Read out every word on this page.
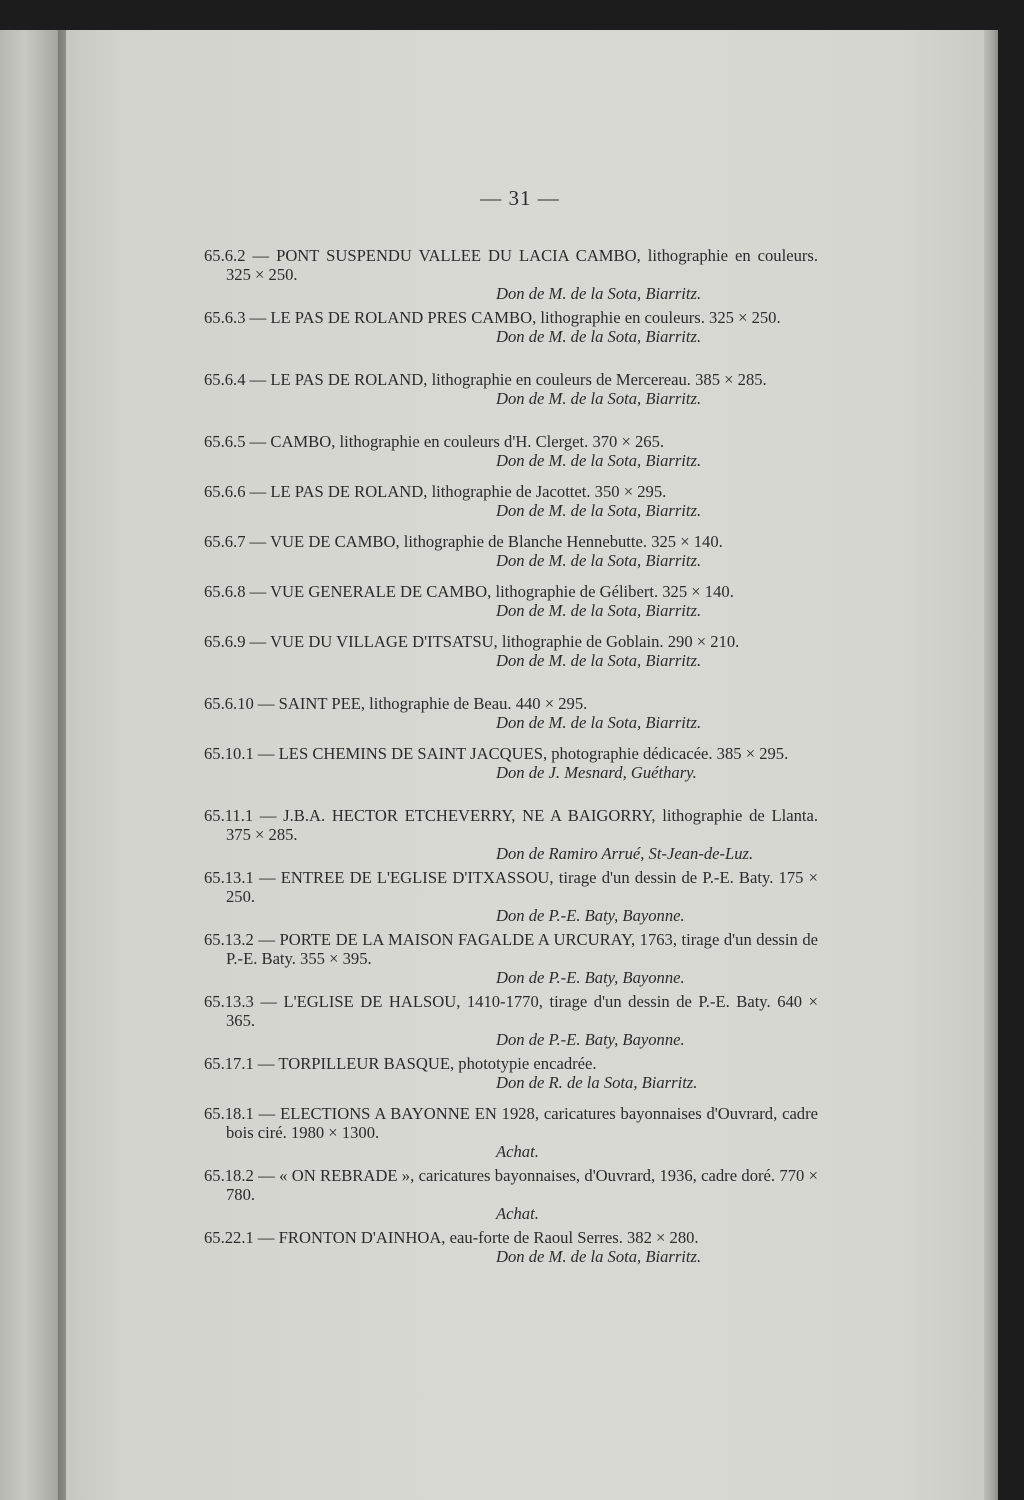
— 31 —
65.6.2 — PONT SUSPENDU VALLEE DU LACIA CAMBO, lithographie en couleurs. 325 × 250.
Don de M. de la Sota, Biarritz.
65.6.3 — LE PAS DE ROLAND PRES CAMBO, lithographie en couleurs. 325 × 250.
Don de M. de la Sota, Biarritz.
65.6.4 — LE PAS DE ROLAND, lithographie en couleurs de Mercereau. 385 × 285.
Don de M. de la Sota, Biarritz.
65.6.5 — CAMBO, lithographie en couleurs d'H. Clerget. 370 × 265.
Don de M. de la Sota, Biarritz.
65.6.6 — LE PAS DE ROLAND, lithographie de Jacottet. 350 × 295.
Don de M. de la Sota, Biarritz.
65.6.7 — VUE DE CAMBO, lithographie de Blanche Hennebutte. 325 × 140.
Don de M. de la Sota, Biarritz.
65.6.8 — VUE GENERALE DE CAMBO, lithographie de Gélibert. 325 × 140.
Don de M. de la Sota, Biarritz.
65.6.9 — VUE DU VILLAGE D'ITSATSU, lithographie de Goblain. 290 × 210.
Don de M. de la Sota, Biarritz.
65.6.10 — SAINT PEE, lithographie de Beau. 440 × 295.
Don de M. de la Sota, Biarritz.
65.10.1 — LES CHEMINS DE SAINT JACQUES, photographie dédicacée. 385 × 295.
Don de J. Mesnard, Guéthary.
65.11.1 — J.B.A. HECTOR ETCHEVERRY, NE A BAIGORRY, lithographie de Llanta. 375 × 285.
Don de Ramiro Arrué, St-Jean-de-Luz.
65.13.1 — ENTREE DE L'EGLISE D'ITXASSOU, tirage d'un dessin de P.-E. Baty. 175 × 250.
Don de P.-E. Baty, Bayonne.
65.13.2 — PORTE DE LA MAISON FAGALDE A URCURAY, 1763, tirage d'un dessin de P.-E. Baty. 355 × 395.
Don de P.-E. Baty, Bayonne.
65.13.3 — L'EGLISE DE HALSOU, 1410-1770, tirage d'un dessin de P.-E. Baty. 640 × 365.
Don de P.-E. Baty, Bayonne.
65.17.1 — TORPILLEUR BASQUE, phototypie encadrée.
Don de R. de la Sota, Biarritz.
65.18.1 — ELECTIONS A BAYONNE EN 1928, caricatures bayonnaises d'Ouvrard, cadre bois ciré. 1980 × 1300.
Achat.
65.18.2 — « ON REBRADE », caricatures bayonnaises, d'Ouvrard, 1936, cadre doré. 770 × 780.
Achat.
65.22.1 — FRONTON D'AINHOA, eau-forte de Raoul Serres. 382 × 280.
Don de M. de la Sota, Biarritz.
